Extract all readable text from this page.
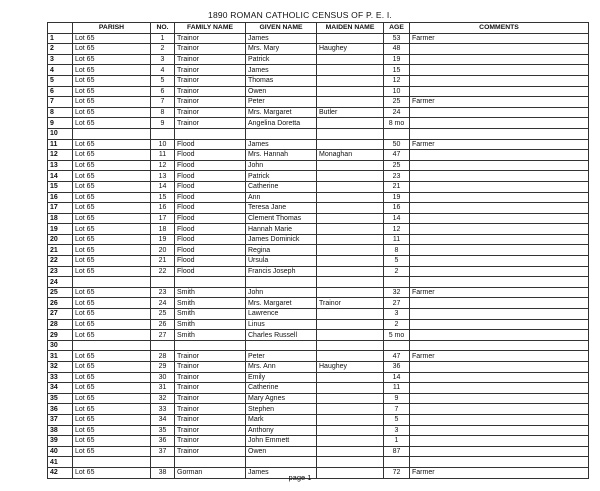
1890 ROMAN CATHOLIC CENSUS OF P. E. I.
	PARISH	NO.	FAMILY NAME	GIVEN NAME	MAIDEN NAME	AGE	COMMENTS
1	Lot 65	1	Trainor	James		53	Farmer
2	Lot 65	2	Trainor	Mrs. Mary	Haughey	48	
3	Lot 65	3	Trainor	Patrick		19	
4	Lot 65	4	Trainor	James		15	
5	Lot 65	5	Trainor	Thomas		12	
6	Lot 65	6	Trainor	Owen		10	
7	Lot 65	7	Trainor	Peter		25	Farmer
8	Lot 65	8	Trainor	Mrs. Margaret	Butler	24	
9	Lot 65	9	Trainor	Angelina Doretta		8 mo	
10							
11	Lot 65	10	Flood	James		50	Farmer
12	Lot 65	11	Flood	Mrs. Hannah	Monaghan	47	
13	Lot 65	12	Flood	John		25	
14	Lot 65	13	Flood	Patrick		23	
15	Lot 65	14	Flood	Catherine		21	
16	Lot 65	15	Flood	Ann		19	
17	Lot 65	16	Flood	Teresa Jane		16	
18	Lot 65	17	Flood	Clement Thomas		14	
19	Lot 65	18	Flood	Hannah Marie		12	
20	Lot 65	19	Flood	James Dominick		11	
21	Lot 65	20	Flood	Regina		8	
22	Lot 65	21	Flood	Ursula		5	
23	Lot 65	22	Flood	Francis Joseph		2	
24							
25	Lot 65	23	Smith	John		32	Farmer
26	Lot 65	24	Smith	Mrs. Margaret	Trainor	27	
27	Lot 65	25	Smith	Lawrence		3	
28	Lot 65	26	Smith	Linus		2	
29	Lot 65	27	Smith	Charles Russell		5 mo	
30							
31	Lot 65	28	Trainor	Peter		47	Farmer
32	Lot 65	29	Trainor	Mrs. Ann	Haughey	36	
33	Lot 65	30	Trainor	Emily		14	
34	Lot 65	31	Trainor	Catherine		11	
35	Lot 65	32	Trainor	Mary Agnes		9	
36	Lot 65	33	Trainor	Stephen		7	
37	Lot 65	34	Trainor	Mark		5	
38	Lot 65	35	Trainor	Anthony		3	
39	Lot 65	36	Trainor	John Emmett		1	
40	Lot 65	37	Trainor	Owen		87	
41							
42	Lot 65	38	Gorman	James		72	Farmer
page 1
